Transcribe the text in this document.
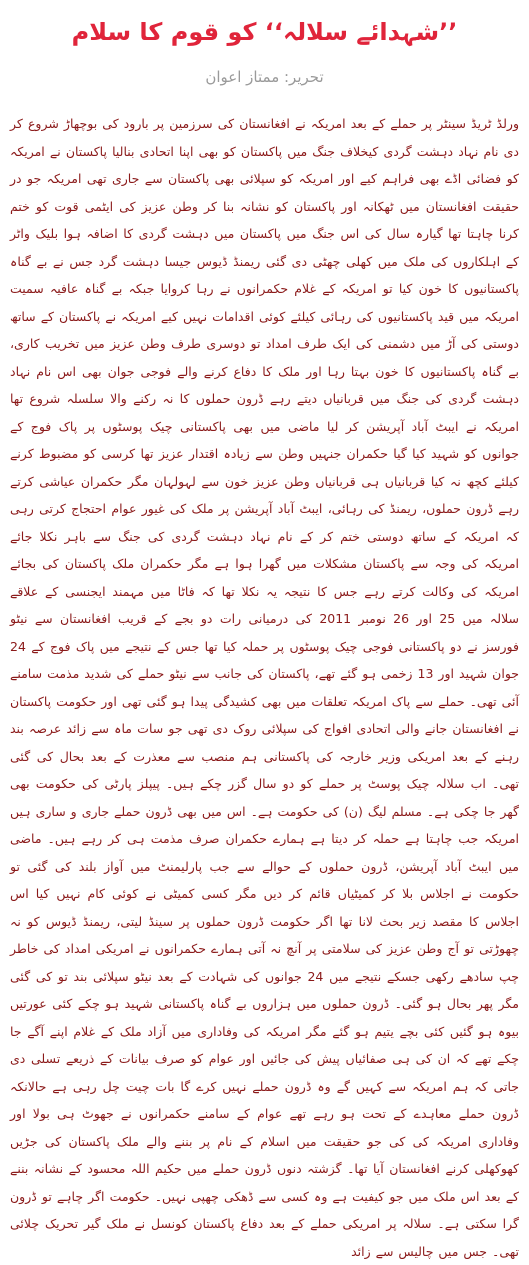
’’شہدائے سلالہ‘‘ کو قوم کا سلام
تحریر: ممتاز اعوان

ورلڈ ٹریڈ سینٹر پر حملے کے بعد امریکہ نے افغانستان کی سرزمین پر بارود کی بوچھاڑ شروع کر دی نام نہاد دہشت گردی کیخلاف جنگ میں پاکستان کو بھی اپنا اتحادی بنالیا پاکستان نے امریکہ کو فضائی اڈے بھی فراہم کیے اور امریکہ کو سپلائی بھی پاکستان سے جاری تھی امریکہ جو در حقیقت افغانستان میں ٹھکانہ اور پاکستان کو نشانہ بنا کر وطن عزیز کی ایٹمی قوت کو ختم کرنا چاہتا تھا گیارہ سال کی اس جنگ میں پاکستان میں دہشت گردی کا اضافہ ہوا بلیک واٹر کے اہلکاروں کی ملک میں کھلی چھٹی دی گئی ریمنڈ ڈیوس جیسا دہشت گرد جس نے بے گناہ پاکستانیوں کا خون کیا تو امریکہ کے غلام حکمرانوں نے رہا کروایا جبکہ بے گناہ عافیہ سمیت امریکہ میں قید پاکستانیوں کی رہائی کیلئے کوئی اقدامات نہیں کیے امریکہ نے پاکستان کے ساتھ دوستی کی آڑ میں دشمنی کی ایک طرف امداد تو دوسری طرف وطن عزیز میں تخریب کاری، بے گناہ پاکستانیوں کا خون بہتا رہا اور ملک کا دفاع کرنے والے فوجی جوان بھی اس نام نہاد دہشت گردی کی جنگ میں قربانیاں دیتے رہے ڈرون حملوں کا نہ رکنے والا سلسلہ شروع تھا امریکہ نے ایبٹ آباد آپریشن کر لیا ماضی میں بھی پاکستانی چیک پوسٹوں پر پاک فوج کے جوانوں کو شہید کیا گیا حکمران جنہیں وطن سے زیادہ اقتدار عزیز تھا کرسی کو مضبوط کرنے کیلئے کچھ نہ کیا قربانیاں ہی قربانیاں وطن عزیز خون سے لہولہان مگر حکمران عیاشی کرتے رہے ڈرون حملوں، ریمنڈ کی رہائی، ایبٹ آباد آپریشن پر ملک کی غیور عوام احتجاج کرتی رہی کہ امریکہ کے ساتھ دوستی ختم کر کے نام نہاد دہشت گردی کی جنگ سے باہر نکلا جائے امریکہ کی وجہ سے پاکستان مشکلات میں گھرا ہوا ہے مگر حکمران ملک پاکستان کی بجائے امریکہ کی وکالت کرتے رہے جس کا نتیجہ یہ نکلا تھا کہ فاٹا میں مہمند ایجنسی کے علاقے سلالہ میں 25 اور 26 نومبر 2011 کی درمیانی رات دو بجے کے قریب افغانستان سے نیٹو فورسز نے دو پاکستانی فوجی چیک پوسٹوں پر حملہ کیا تھا جس کے نتیجے میں پاک فوج کے 24 جوان شہید اور 13 زخمی ہو گئے تھے، پاکستان کی جانب سے نیٹو حملے کی شدید مذمت سامنے آئی تھی۔ حملے سے پاک امریکہ تعلقات میں بھی کشیدگی پیدا ہو گئی تھی اور حکومت پاکستان نے افغانستان جانے والی اتحادی افواج کی سپلائی روک دی تھی جو سات ماہ سے زائد عرصہ بند رہنے کے بعد امریکی وزیر خارجہ کی پاکستانی ہم منصب سے معذرت کے بعد بحال کی گئی تھی۔ اب سلالہ چیک پوسٹ پر حملے کو دو سال گزر چکے ہیں۔ پیپلز پارٹی کی حکومت بھی گھر جا چکی ہے۔ مسلم لیگ (ن) کی حکومت ہے۔ اس میں بھی ڈرون حملے جاری و ساری ہیں امریکہ جب چاہتا ہے حملہ کر دیتا ہے ہمارے حکمران صرف مذمت ہی کر رہے ہیں۔ ماضی میں ایبٹ آباد آپریشن، ڈرون حملوں کے حوالے سے جب پارلیمنٹ میں آواز بلند کی گئی تو حکومت نے اجلاس بلا کر کمیٹیاں قائم کر دیں مگر کسی کمیٹی نے کوئی کام نہیں کیا اس اجلاس کا مقصد زیر بحث لانا تھا اگر حکومت ڈرون حملوں پر سینڈ لیتی، ریمنڈ ڈیوس کو نہ چھوڑتی تو آج وطن عزیز کی سلامتی پر آنچ نہ آتی ہمارے حکمرانوں نے امریکی امداد کی خاطر چپ سادھے رکھی جسکے نتیجے میں 24 جوانوں کی شہادت کے بعد نیٹو سپلائی بند تو کی گئی مگر پھر بحال ہو گئی۔ ڈرون حملوں میں ہزاروں بے گناہ پاکستانی شہید ہو چکے کئی عورتیں بیوہ ہو گئیں کئی بچے یتیم ہو گئے مگر امریکہ کی وفاداری میں آزاد ملک کے غلام اپنے آگے جا چکے تھے کہ ان کی ہی صفائیاں پیش کی جائیں اور عوام کو صرف بیانات کے ذریعے تسلی دی جاتی کہ ہم امریکہ سے کہیں گے وہ ڈرون حملے نہیں کرے گا بات چیت چل رہی ہے حالانکہ ڈرون حملے معاہدے کے تحت ہو رہے تھے عوام کے سامنے حکمرانوں نے جھوٹ ہی بولا اور وفاداری امریکہ کی کی جو حقیقت میں اسلام کے نام پر بننے والے ملک پاکستان کی جڑیں کھوکھلی کرنے افغانستان آیا تھا۔ گزشتہ دنوں ڈرون حملے میں حکیم اللہ محسود کے نشانہ بننے کے بعد اس ملک میں جو کیفیت ہے وہ کسی سے ڈھکی چھپی نہیں۔ حکومت اگر چاہے تو ڈرون گرا سکتی ہے۔ سلالہ پر امریکی حملے کے بعد دفاع پاکستان کونسل نے ملک گیر تحریک چلائی تھی۔ جس میں چالیس سے زائد
